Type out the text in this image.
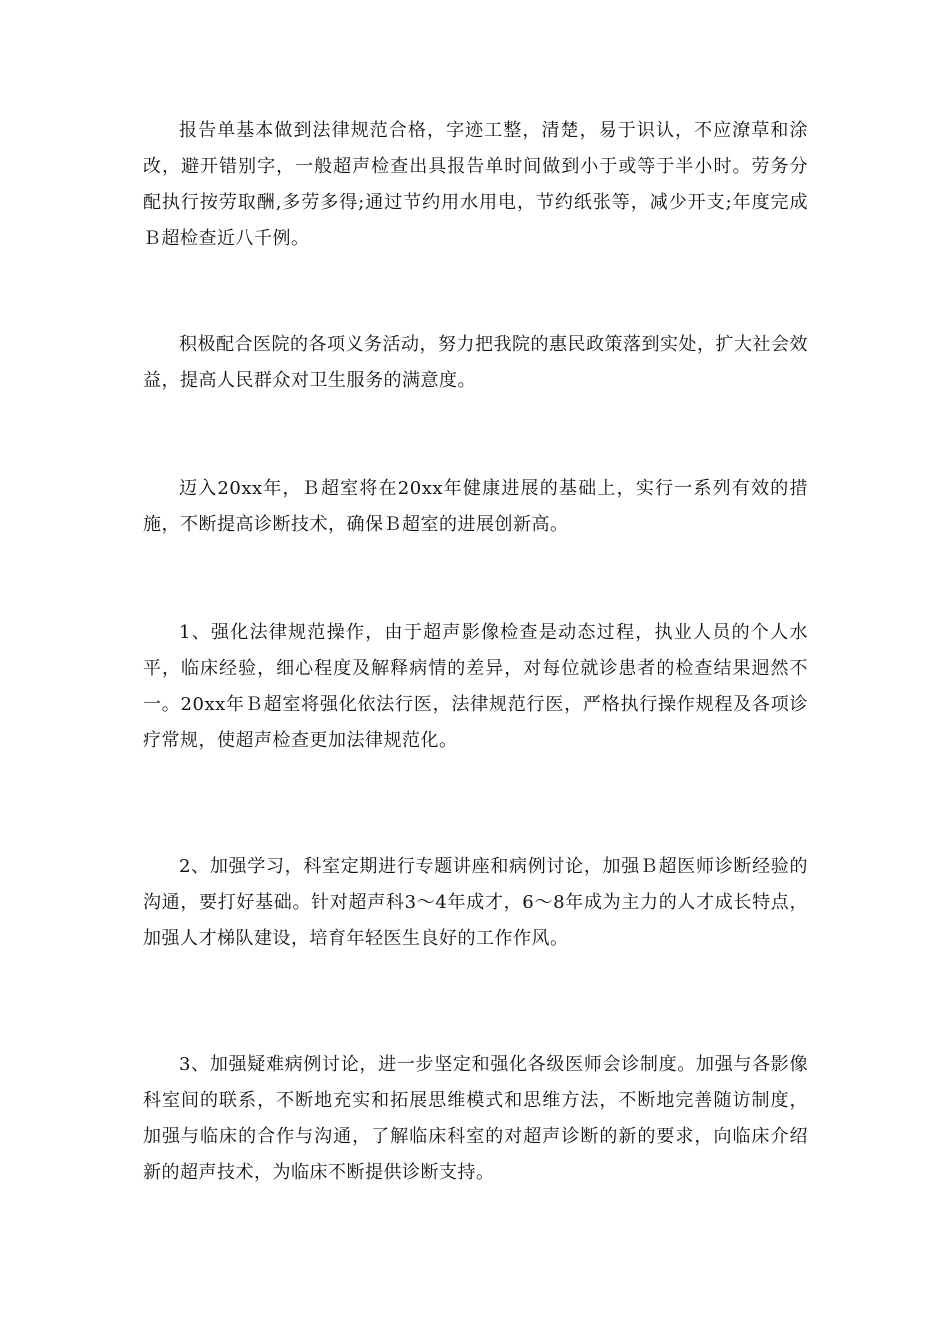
报告单基本做到法律规范合格，字迹工整，清楚，易于识认，不应潦草和涂改，避开错别字，一般超声检查出具报告单时间做到小于或等于半小时。劳务分配执行按劳取酬,多劳多得;通过节约用水用电，节约纸张等，减少开支;年度完成Ｂ超检查近八千例。

积极配合医院的各项义务活动，努力把我院的惠民政策落到实处，扩大社会效益，提高人民群众对卫生服务的满意度。

迈入20xx年，Ｂ超室将在20xx年健康进展的基础上，实行一系列有效的措施，不断提高诊断技术，确保Ｂ超室的进展创新高。

1、强化法律规范操作，由于超声影像检查是动态过程，执业人员的个人水平，临床经验，细心程度及解释病情的差异，对每位就诊患者的检查结果迥然不一。20xx年Ｂ超室将强化依法行医，法律规范行医，严格执行操作规程及各项诊疗常规，使超声检查更加法律规范化。

2、加强学习，科室定期进行专题讲座和病例讨论，加强Ｂ超医师诊断经验的沟通，要打好基础。针对超声科3～4年成才，6～8年成为主力的人才成长特点，加强人才梯队建设，培育年轻医生良好的工作作风。

3、加强疑难病例讨论，进一步坚定和强化各级医师会诊制度。加强与各影像科室间的联系，不断地充实和拓展思维模式和思维方法，不断地完善随访制度，加强与临床的合作与沟通，了解临床科室的对超声诊断的新的要求，向临床介绍新的超声技术，为临床不断提供诊断支持。
